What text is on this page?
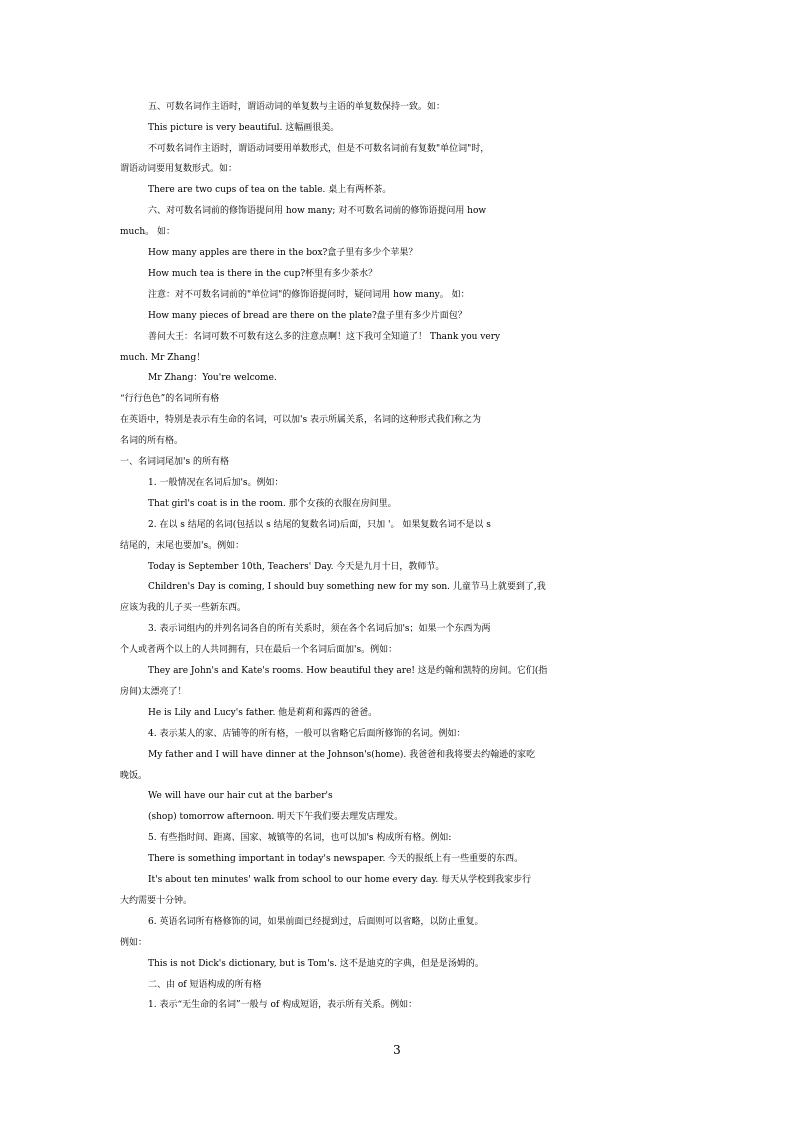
五、可数名词作主语时，谓语动词的单复数与主语的单复数保持一致。如：
This picture is very beautiful. 这幅画很美。
不可数名词作主语时，谓语动词要用单数形式，但是不可数名词前有复数"单位词"时，
谓语动词要用复数形式。如：
There are two cups of tea on the table. 桌上有两杯茶。
六、对可数名词前的修饰语提问用 how many; 对不可数名词前的修饰语提问用 how
much。 如：
How many apples are there in the box?盒子里有多少个苹果？
How much tea is there in the cup?杯里有多少茶水？
注意：对不可数名词前的"单位词"的修饰语提问时，疑问词用 how many。 如：
How many pieces of bread are there on the plate?盘子里有多少片面包？
善问大王：名词可数不可数有这么多的注意点啊！这下我可全知道了！ Thank you very
much. Mr Zhang！
Mr Zhang：You're welcome.
“行行色色”的名词所有格
在英语中，特别是表示有生命的名词，可以加's 表示所属关系，名词的这种形式我们称之为
名词的所有格。
一、名词词尾加's 的所有格
1. 一般情况在名词后加's。例如：
That girl's coat is in the room. 那个女孩的衣服在房间里。
2. 在以 s 结尾的名词(包括以 s 结尾的复数名词)后面，只加 '。 如果复数名词不是以 s
结尾的，末尾也要加's。例如：
Today is September 10th, Teachers' Day. 今天是九月十日，教师节。
Children's Day is coming, I should buy something new for my son. 儿童节马上就要到了,我
应该为我的儿子买一些新东西。
3. 表示词组内的并列名词各自的所有关系时，须在各个名词后加's；如果一个东西为两
个人或者两个以上的人共同拥有，只在最后一个名词后面加's。例如：
They are John's and Kate's rooms. How beautiful they are! 这是约翰和凯特的房间。它们(指
房间)太漂亮了！
He is Lily and Lucy's father. 他是莉莉和露西的爸爸。
4. 表示某人的家、店铺等的所有格，一般可以省略它后面所修饰的名词。例如：
My father and I will have dinner at the Johnson's(home). 我爸爸和我将要去约翰逊的家吃
晚饭。
We will have our hair cut at the barber's
(shop) tomorrow afternoon. 明天下午我们要去理发店理发。
5. 有些指时间、距离、国家、城镇等的名词，也可以加's 构成所有格。例如:
There is something important in today's newspaper. 今天的报纸上有一些重要的东西。
It's about ten minutes' walk from school to our home every day. 每天从学校到我家步行
大约需要十分钟。
6. 英语名词所有格修饰的词，如果前面已经提到过，后面则可以省略，以防止重复。
例如：
This is not Dick's dictionary, but is Tom's. 这不是迪克的字典，但是是汤姆的。
二、由 of 短语构成的所有格
1. 表示“无生命的名词”一般与 of 构成短语，表示所有关系。例如：
3
